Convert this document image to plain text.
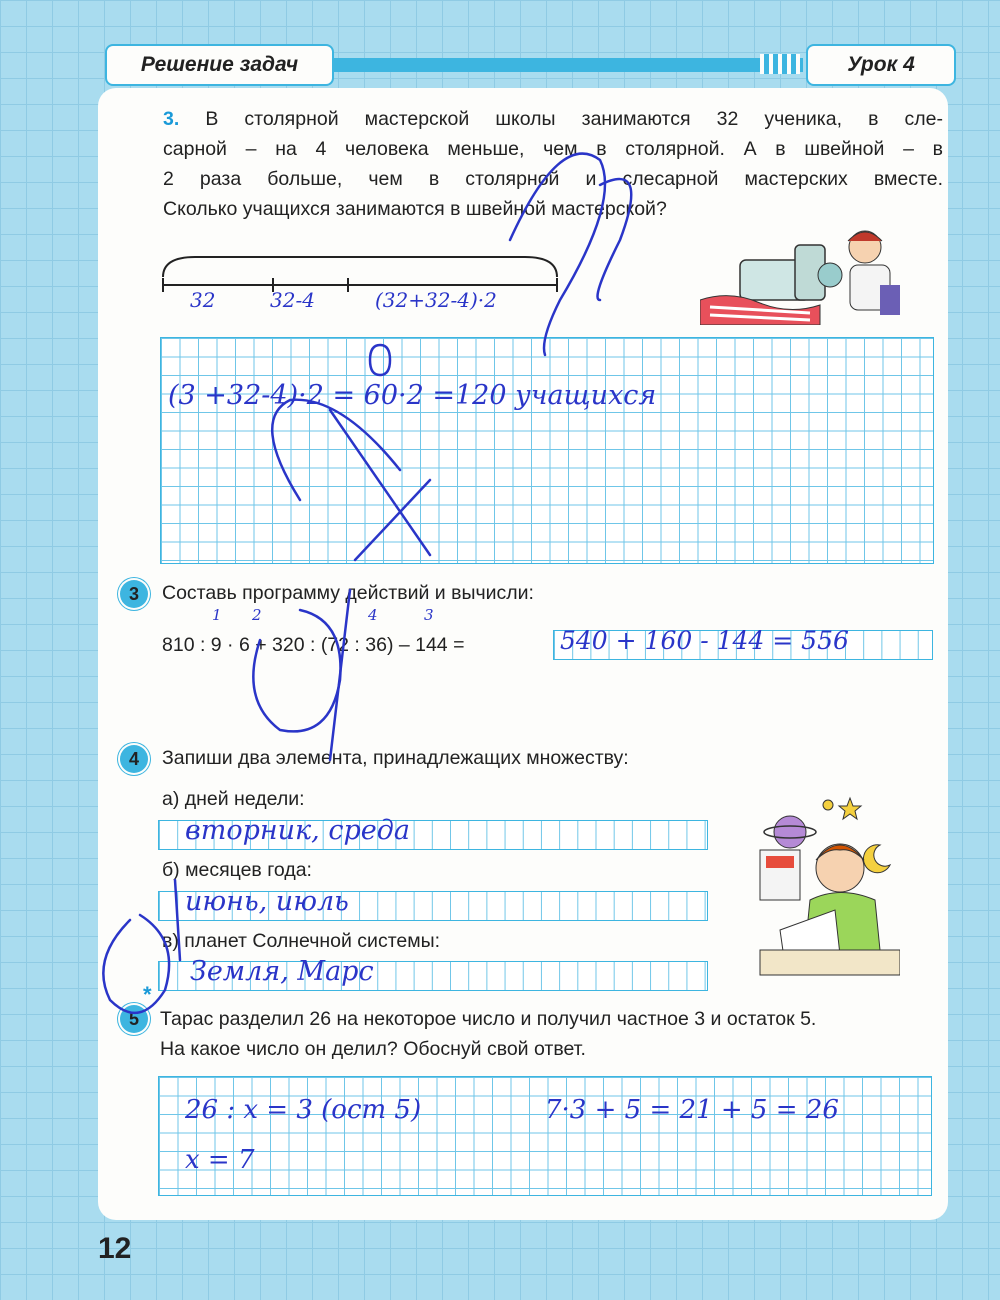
Решение задач	Урок 4
3. В столярной мастерской школы занимаются 32 ученика, в сле-
сарной – на 4 человека меньше, чем в столярной. А в швейной – в
2 раза больше, чем в столярной и слесарной мастерских вместе.
Сколько учащихся занимаются в швейной мастерской?
32	32-4	(32+32-4)·2
(3 +32-4)·2 = 60·2 =120 учащихся
3	Составь программу действий и вычисли:
1 2	4	3
810 : 9 · 6 + 320 : (72 : 36) – 144 =	540 + 160 - 144 = 556
4	Запиши два элемента, принадлежащих множеству:
а) дней недели:
вторник, среда
б) месяцев года:
июнь, июль
в) планет Солнечной системы:
Земля, Марс
5
*
Тарас разделил 26 на некоторое число и получил частное 3 и остаток 5.
На какое число он делил? Обоснуй свой ответ.
26 : x = 3 (ост 5)	7·3 + 5 = 21 + 5 = 26
x = 7
12
